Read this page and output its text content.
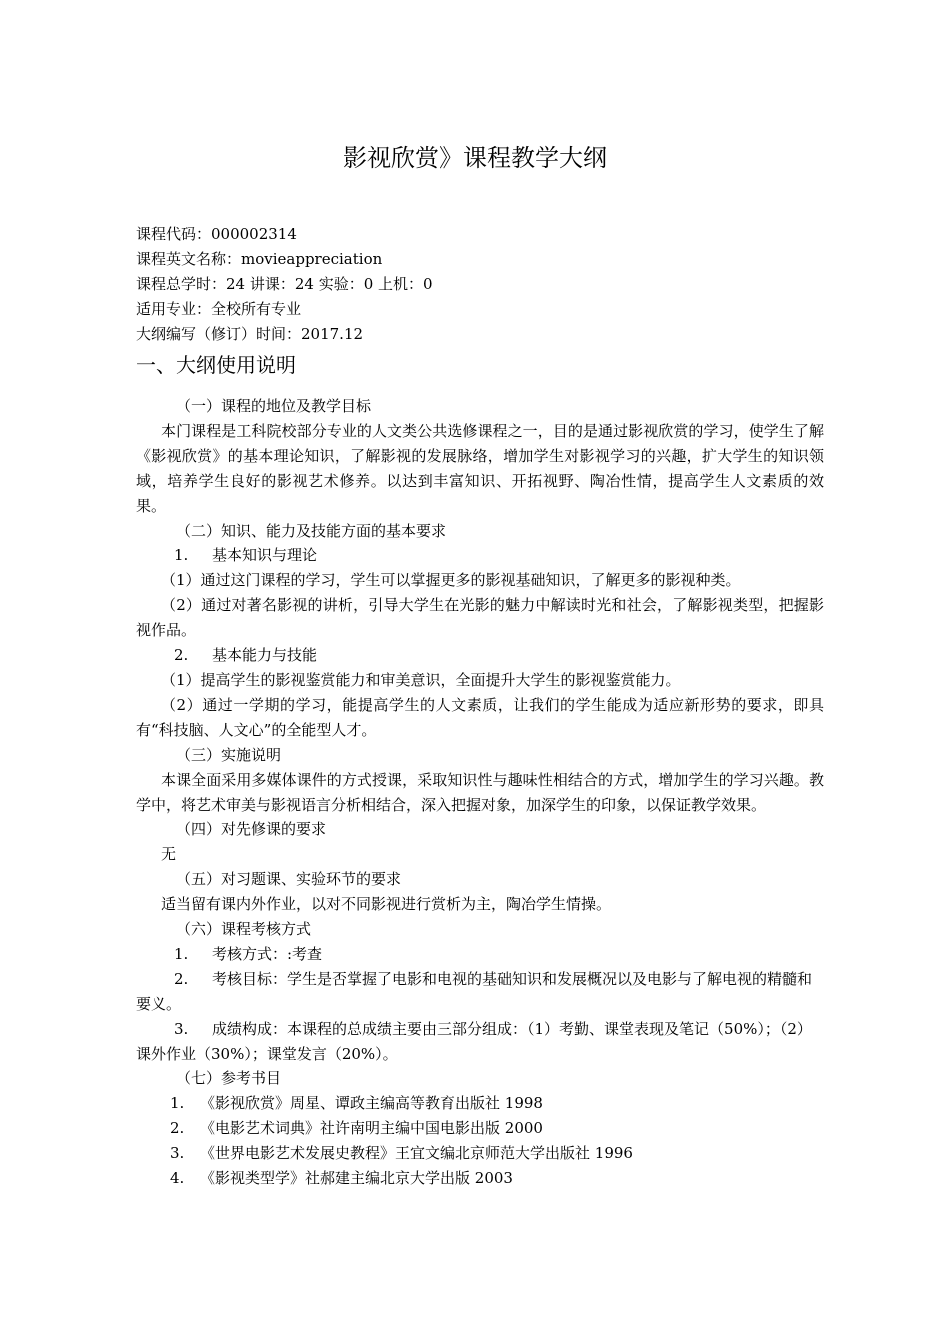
影视欣赏》课程教学大纲
课程代码：000002314
课程英文名称：movieappreciation
课程总学时：24 讲课：24 实验：0 上机：0
适用专业：全校所有专业
大纲编写（修订）时间：2017.12
一、大纲使用说明

（一）课程的地位及教学目标

本门课程是工科院校部分专业的人文类公共选修课程之一，目的是通过影视欣赏的学习，使学生了解《影视欣赏》的基本理论知识，了解影视的发展脉络，增加学生对影视学习的兴趣，扩大学生的知识领域，培养学生良好的影视艺术修养。以达到丰富知识、开拓视野、陶冶性情，提高学生人文素质的效果。

（二）知识、能力及技能方面的基本要求

1. 基本知识与理论

（1）通过这门课程的学习，学生可以掌握更多的影视基础知识，了解更多的影视种类。

（2）通过对著名影视的讲析，引导大学生在光影的魅力中解读时光和社会，了解影视类型，把握影视作品。

2. 基本能力与技能

（1）提高学生的影视鉴赏能力和审美意识，全面提升大学生的影视鉴赏能力。

（2）通过一学期的学习，能提高学生的人文素质，让我们的学生能成为适应新形势的要求，即具有“科技脑、人文心”的全能型人才。

（三）实施说明

本课全面采用多媒体课件的方式授课，采取知识性与趣味性相结合的方式，增加学生的学习兴趣。教学中，将艺术审美与影视语言分析相结合，深入把握对象，加深学生的印象，以保证教学效果。

（四）对先修课的要求

无

（五）对习题课、实验环节的要求

适当留有课内外作业，以对不同影视进行赏析为主，陶冶学生情操。

（六）课程考核方式

1. 考核方式：:考查

2. 考核目标：学生是否掌握了电影和电视的基础知识和发展概况以及电影与了解电视的精髓和要义。

3. 成绩构成：本课程的总成绩主要由三部分组成：（1）考勤、课堂表现及笔记（50%）；（2）课外作业（30%）；课堂发言（20%）。

（七）参考书目

1. 《影视欣赏》周星、谭政主编高等教育出版社 1998

2. 《电影艺术词典》社许南明主编中国电影出版 2000

3. 《世界电影艺术发展史教程》王宜文编北京师范大学出版社 1996

4. 《影视类型学》社郝建主编北京大学出版 2003
